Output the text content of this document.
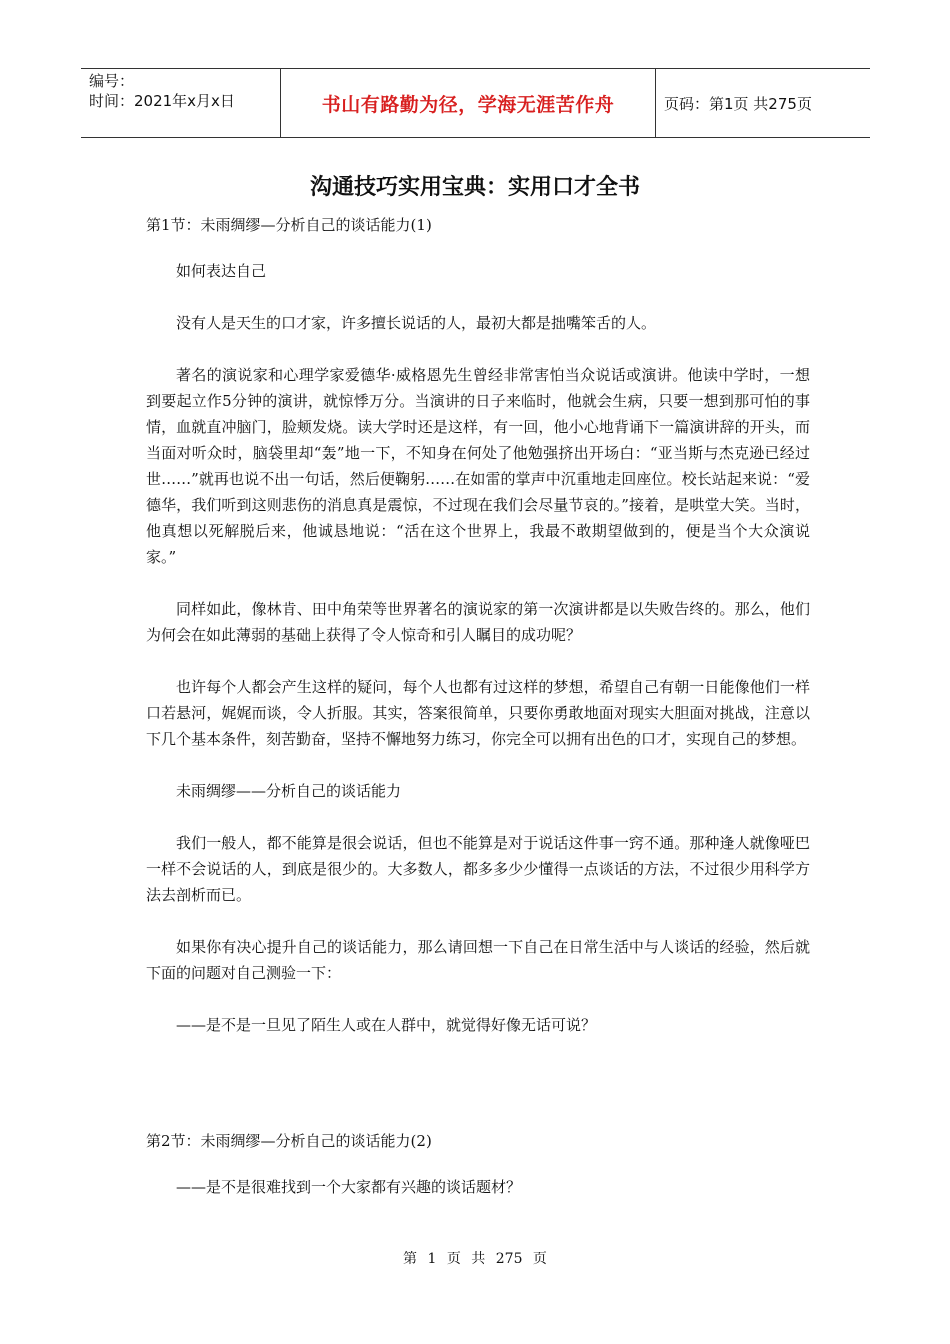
编号：
时间：2021年x月x日	书山有路勤为径，学海无涯苦作舟	页码：第1页 共275页
沟通技巧实用宝典：实用口才全书

第1节：未雨绸缪—分析自己的谈话能力(1)

如何表达自己

没有人是天生的口才家，许多擅长说话的人，最初大都是拙嘴笨舌的人。

著名的演说家和心理学家爱德华·威格恩先生曾经非常害怕当众说话或演讲。他读中学时，一想到要起立作5分钟的演讲，就惊悸万分。当演讲的日子来临时，他就会生病，只要一想到那可怕的事情，血就直冲脑门，脸颊发烧。读大学时还是这样，有一回，他小心地背诵下一篇演讲辞的开头，而当面对听众时，脑袋里却“轰”地一下，不知身在何处了他勉强挤出开场白：“亚当斯与杰克逊已经过世……”就再也说不出一句话，然后便鞠躬……在如雷的掌声中沉重地走回座位。校长站起来说：“爱德华，我们听到这则悲伤的消息真是震惊，不过现在我们会尽量节哀的。”接着，是哄堂大笑。当时，他真想以死解脱后来，他诚恳地说：“活在这个世界上，我最不敢期望做到的，便是当个大众演说家。”

同样如此，像林肯、田中角荣等世界著名的演说家的第一次演讲都是以失败告终的。那么，他们为何会在如此薄弱的基础上获得了令人惊奇和引人瞩目的成功呢？

也许每个人都会产生这样的疑问，每个人也都有过这样的梦想，希望自己有朝一日能像他们一样口若悬河，娓娓而谈，令人折服。其实，答案很简单，只要你勇敢地面对现实大胆面对挑战，注意以下几个基本条件，刻苦勤奋，坚持不懈地努力练习，你完全可以拥有出色的口才，实现自己的梦想。

未雨绸缪——分析自己的谈话能力

我们一般人，都不能算是很会说话，但也不能算是对于说话这件事一窍不通。那种逢人就像哑巴一样不会说话的人，到底是很少的。大多数人，都多多少少懂得一点谈话的方法，不过很少用科学方法去剖析而已。

如果你有决心提升自己的谈话能力，那么请回想一下自己在日常生活中与人谈话的经验，然后就下面的问题对自己测验一下：

——是不是一旦见了陌生人或在人群中，就觉得好像无话可说？

第2节：未雨绸缪—分析自己的谈话能力(2)

——是不是很难找到一个大家都有兴趣的谈话题材？

第 1 页 共 275 页
